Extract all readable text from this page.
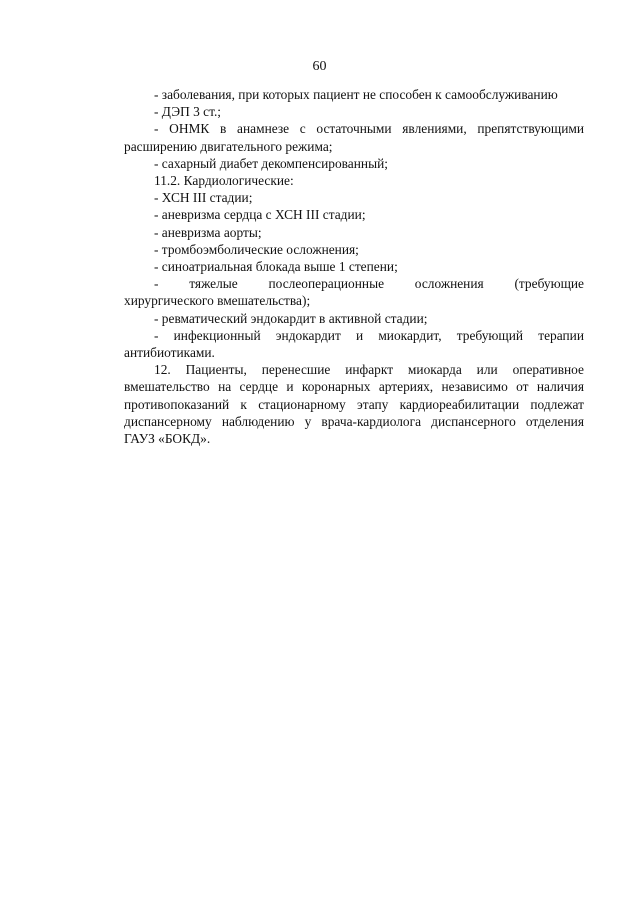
60

- заболевания, при которых пациент не способен к самообслуживанию

- ДЭП 3 ст.;

- ОНМК в анамнезе с остаточными явлениями, препятствующими

расширению двигательного режима;

- сахарный диабет декомпенсированный;

11.2. Кардиологические:

- ХСН III стадии;

- аневризма сердца с ХСН III стадии;

- аневризма аорты;

- тромбоэмболические осложнения;

- синоатриальная блокада выше 1 степени;

- тяжелые послеоперационные осложнения (требующие

хирургического вмешательства);

- ревматический эндокардит в активной стадии;

- инфекционный эндокардит и миокардит, требующий терапии

антибиотиками.

12. Пациенты, перенесшие инфаркт миокарда или оперативное

вмешательство на сердце и коронарных артериях, независимо от наличия

противопоказаний к стационарному этапу кардиореабилитации подлежат

диспансерному наблюдению у врача-кардиолога диспансерного отделения

ГАУЗ «БОКД».
